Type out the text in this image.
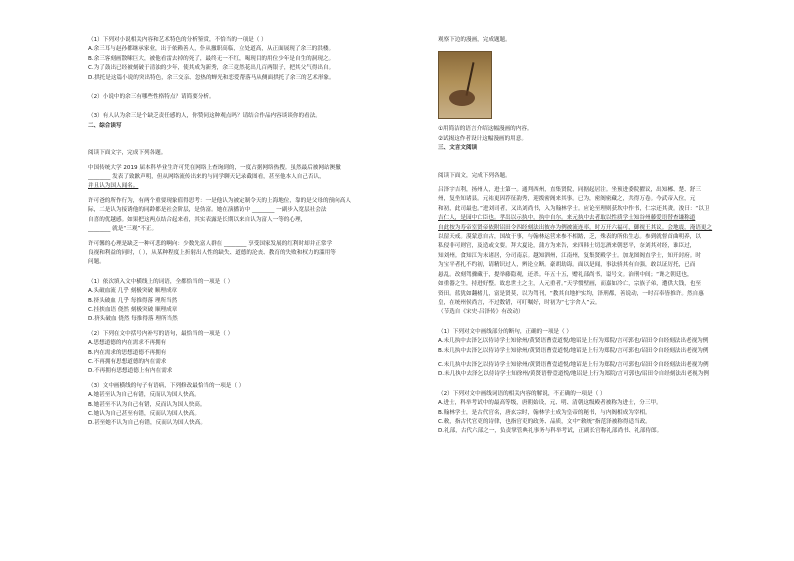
（1）下列对小说相关内容和艺术特色的分析鉴赏，不恰当的一项是（ ）

A.余三耳与赵孙都继承家业，出于依赖善人，仆从撤职高临，立处道高，从正面展现了余三的洪楼。

B.余三客刻画散嗦巨大，被他看雷去掉的死了，最终无一不红，喝现目的用位少年是自生的洞现之。

C.为了鼓出已经被刻破于清浊的少年，使其成为新秀，余三竟然花出几百两银子，把其父气得出自。

D.拱托是这篇小说的突出特色，余三交亲、忽热的蝉光和恋爱帮落马从侧面拱托了余三的艺术形象。

（2）小说中的余三有哪些性格特点？请简要分析。

（3）有人认为余三是个缺乏责任感的人，你赞同这种观点吗？请结合作品内容谈谈你的看法。

二、综合读写

阅读下面文字，完成下列各题。

中国传统大学 2019 届本科毕业生许可凭在网络上查询到的，一度占据网络热搜。虽然最后被网站澳撤

________ 发表了致歉声明，但从网络流传出来的与同学聊天记录截图看，甚至他本人自己否认，

并且认为国人闻名。

许可爸的所作行为，有两个重要现象值得思考：一是他认为被定制令天的上海地位，靠的是父母的预向高人

际，二是认为接诱他的同龄都是社会阶层，是伪富。她在演播访中 ________ 一副步入宽层社会法

自喜的优越感。如果把这两点结合起来看，其实表露是长期以来自认为富人一等的心理，

________ 就是“三观”不正。

许可馨的心理是缺乏一种可悲的啊向：少数先富人群在 ________ 享受国家发展的红利时却并正常学

良视和利益的同时，（ ），从某种程度上折射出人性的缺失、道德的沦丧、教育的失败和权力的滥用等

问题。

（1）依次填入文中横线上的词语，全都恰当的一项是（ ）

A.头破血流 几乎 刻极突破 顺理成章

B.挤头破血 几乎 每推得落 理所当然

C.挂挟血语 侥然 刻极突破 顺理成章

D.挤头破血 侥然 每推得落 理所当然

（2）下列在文中括号内补写的语句，最恰当的一项是（ ）

A.思想道德的内在需求不再拥有

B.内在需求的思想道德不再拥有

C.不再拥有思想道德的内在需求

D.不再拥有思想道德上有内在需求

（3）文中画横线的句子有语病，下列修改最恰当的一项是（ ）

A.她甚至认为自己有错，反而认为国人快高。

B.她甚至不认为自己有错，反而认为国人快高。

C.她认为自己甚至有错，反而认为国人快高。

D.甚至她不认为自己有错，反而认为国人快高。

观察下边的漫画，完成题题。

①用简洁的语言介绍这幅漫画的内容。

②试揭这作者设计这幅漫画的用意。

三、文言文阅读

阅读下面文，完成下列各题。

吕泽宇吉利，扬州人，进士第一。通判西州，直集贤院，同据起居注。坐预进委院擢议，出知郴、楚、舒三

州，复坐知诸县。元祐更因荐征韵秀，迎拨密阁来其事。已为，密阁密藏之，共得万卷。今武帝入位，元

和初，此司最也。”进刘司者，又出刘尚书，入为翰林学士。应论至理则获坎中作书，仁宗还其赉。浚曰：“以卫

吉仁人，是园中亡臣也。孝岀以示执中，执中自尔。来元执中去者取以性质学士知谷州藤爱语替查谦称道

自此按为寿帝室贤帝依附诏田令四经刻法出彼亦为例被流连率。时万开六福可，御视王其议。会地震，淹语更之

以留天戒。漠蒙意自古，国故于事，与翰林运营来参不相踏，乏，殊表的所佑生志。参到就督首曲明养，以

私侵非可则官，及造或文要。拜大夏论，蒲方为来告，来四韩士切怎酒来朝恶平，奈刘其对经，谁臣过，

知刘州。食知江为未诸居，分司南京。越知泗州，江南州，复集贤殿学士。加龙图阁直学士，知开封府。时

为宝平者扎不约初，请精识过人，辨论立断。豪胡劫诲。面以是闻，事法骄其有自强，敢以证厉托，已而

悬乱。改刻驾骤藏于，提举藤隐观，还杀。年五十五，赠礼部尚书，谥号文。治刑中间；“谗之朝廷也，

如重器之生，持进好整。故忠世土之主，人元重者。”天学惯壁画，而嘉如冷亡，宗族子弟，遭供大钱，也至

资田。蓝犹如翻楮儿，富是贤莫，以为驾刊，“教其自地护实均，泽刑都，善说动，一时召奉皆推许。然自惠

皇，在统州侯尚言，不过数错，可叮嘱好，时初为“七字舍人”云。

（节选自《宋史·吕泽传》有改动）

（1）下列对文中画线部分的断句，正确的一项是（ ）

A.未几执中去泽乞以侍诗学士知徐州/黄贤语曹壹道悦/地诏是上行为郑院/言可郭也/诏田令自经刻法出老视为例

B.未几执中去泽乞以侍诗学士知徐州/黄贤语曹壹道悦/地诏是上行为郑院/言可郭也/诏田令自经刻法出老视为例

C.未几执中去泽乞以侍诗学士知徐州/黄贤语曹壹道悦/地诏是上行为郑院/言可郭也/诏田令自经刻法出老视为例

D.未几执中去泽乞以侍诗学士知徐州/黄贤语曹壹道悦/地诏是上行为郑院/言可郭也/诏田令自经刻法出老视为例

（2）下列对文中画线词语的相关内容的解说，不正确的一项是（ ）

A.进士，科举考试中的最高等级，唐朝始设，元、明、清朝这级殿者被称为进士，分三甲。

B.翰林学士，是古代官名，唐玄宗时，翰林学士成为皇帝的秘书，与内阁相成为宰相。

C.敕，指古代官吏的诗律，也指官吏的政务、品质，文中“敕统”指范泽被称得适当政。

D.礼部，古代六部之一，负责掌管典礼事务与科举考试，正副长官称礼部尚书、礼部侍郎。
